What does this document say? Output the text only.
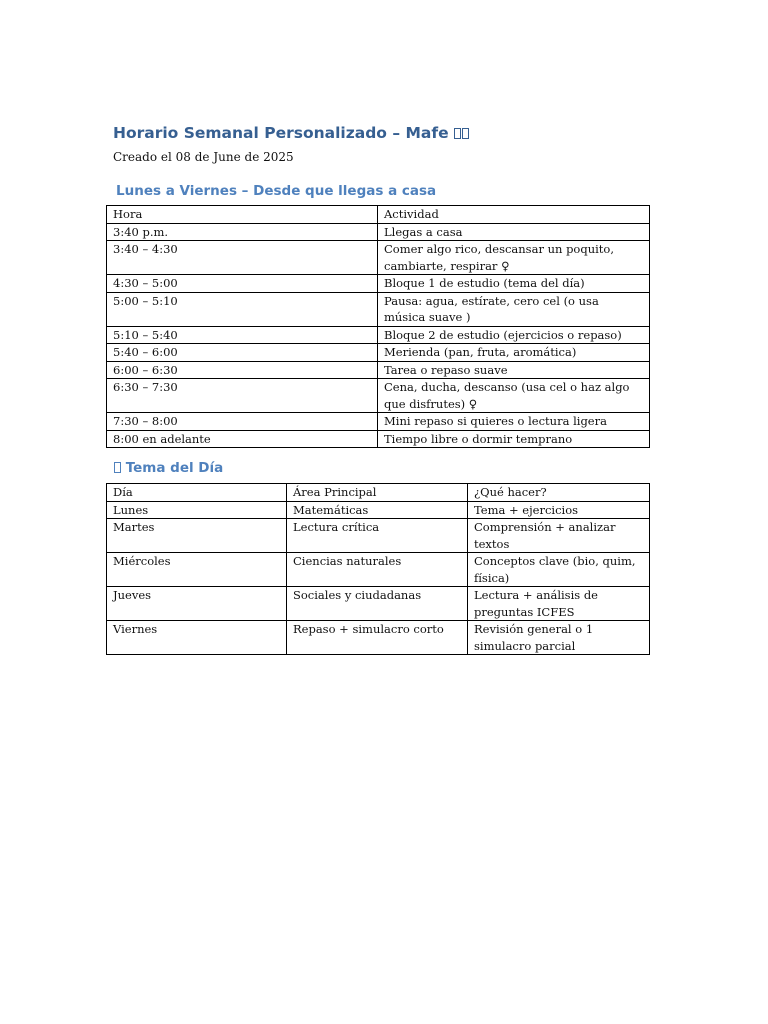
Horario Semanal Personalizado – Mafe

Creado el 08 de June de 2025

Lunes a Viernes – Desde que llegas a casa
Hora	Actividad
3:40 p.m.	Llegas a casa
3:40 – 4:30	Comer algo rico, descansar un poquito, cambiarte, respirar ♀
4:30 – 5:00	Bloque 1 de estudio (tema del día)
5:00 – 5:10	Pausa: agua, estírate, cero cel (o usa música suave )
5:10 – 5:40	Bloque 2 de estudio (ejercicios o repaso)
5:40 – 6:00	Merienda (pan, fruta, aromática)
6:00 – 6:30	Tarea o repaso suave
6:30 – 7:30	Cena, ducha, descanso (usa cel o haz algo que disfrutes) ♀
7:30 – 8:00	Mini repaso si quieres o lectura ligera
8:00 en adelante	Tiempo libre o dormir temprano
Tema del Día
Día	Área Principal	¿Qué hacer?
Lunes	Matemáticas	Tema + ejercicios
Martes	Lectura crítica	Comprensión + analizar textos
Miércoles	Ciencias naturales	Conceptos clave (bio, quim, física)
Jueves	Sociales y ciudadanas	Lectura + análisis de preguntas ICFES
Viernes	Repaso + simulacro corto	Revisión general o 1 simulacro parcial
